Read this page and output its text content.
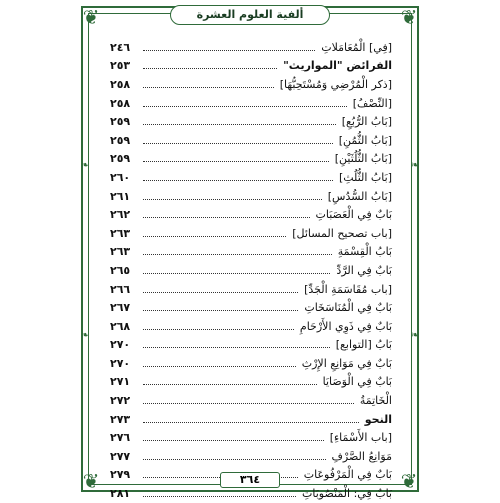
❦	❦
❦	❦
❧
❧
❧
❧
ألفية العلوم العشرة
[فِي] الْمُعَامَلاتِ
٢٤٦
الفرائض "المواريث"
٢٥٣
[ذكر الْمُرْضِي وَمُسْتَحِبُّهَا]
٢٥٨
[النِّصْفُ]
٢٥٨
[بَابُ الرُّبُعِ]
٢٥٩
[بَابُ الثُّمُنِ]
٢٥٩
[بَابُ الثُّلُثَيْنِ]
٢٥٩
[بَابُ الثُّلُثِ]
٢٦٠
[بَابُ السُّدُسِ]
٢٦١
بَابٌ فِي الْعَصَبَاتِ
٢٦٢
[باب تصحيح المسائل]
٢٦٣
بَابُ الْقِسْمَةِ
٢٦٣
بَابٌ فِي الرَّدِّ
٢٦٥
[باب مُقَاسَمَةِ الْجَدِّ]
٢٦٦
بَابٌ فِي الْمُنَاسَخَاتِ
٢٦٧
بَابٌ فِي ذَوِي الأَرْحَامِ
٢٦٨
بَابُ [التوابع]
٢٧٠
بَابٌ فِي مَوَانِعِ الإِرْثِ
٢٧٠
بَابٌ فِي الْوَصَايَا
٢٧١
الْخَاتِمَةُ
٢٧٢
النحو
٢٧٣
[باب الأَسْمَاءِ]
٢٧٦
مَوَانِعُ الصَّرْفِ
٢٧٧
بَابٌ فِي الْمَرْفُوعَاتِ
٢٧٩
بَابٌ فِي: الْمَنْصُوبَاتِ
٢٨١
٣٦٤
